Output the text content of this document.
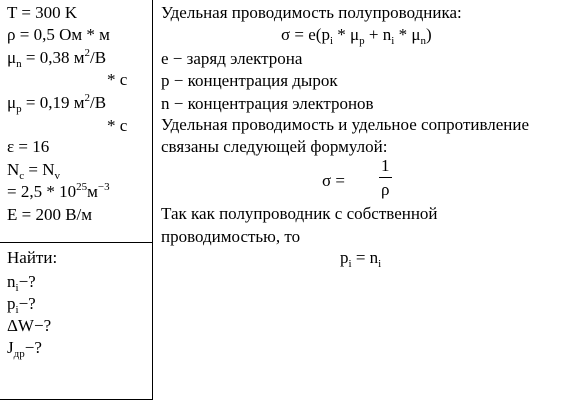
T = 300 K
ρ = 0,5 Ом * м
$\mu_n = 0,38$ $м^2/В$
* c
$\mu_p = 0,19$ $м^2/В$
* c
ε = 16
$N_c = N_v$
= $2,5 * 10^{25}м^{-3}$
E = 200 В/м
Найти:
$n_i-$?
$p_i-$?
ΔW−?
$J_{др}-$?
Удельная проводимость полупроводника:
$\sigma = e(p_i * \mu_p + n_i * \mu_n)$
e − заряд электрона
p − концентрация дырок
n − концентрация электронов
Удельная проводимость и удельное сопротивление
связаны следующей формулой:
σ =
1
ρ
Так как полупроводник с собственной
проводимостью, то
$p_i = n_i$
